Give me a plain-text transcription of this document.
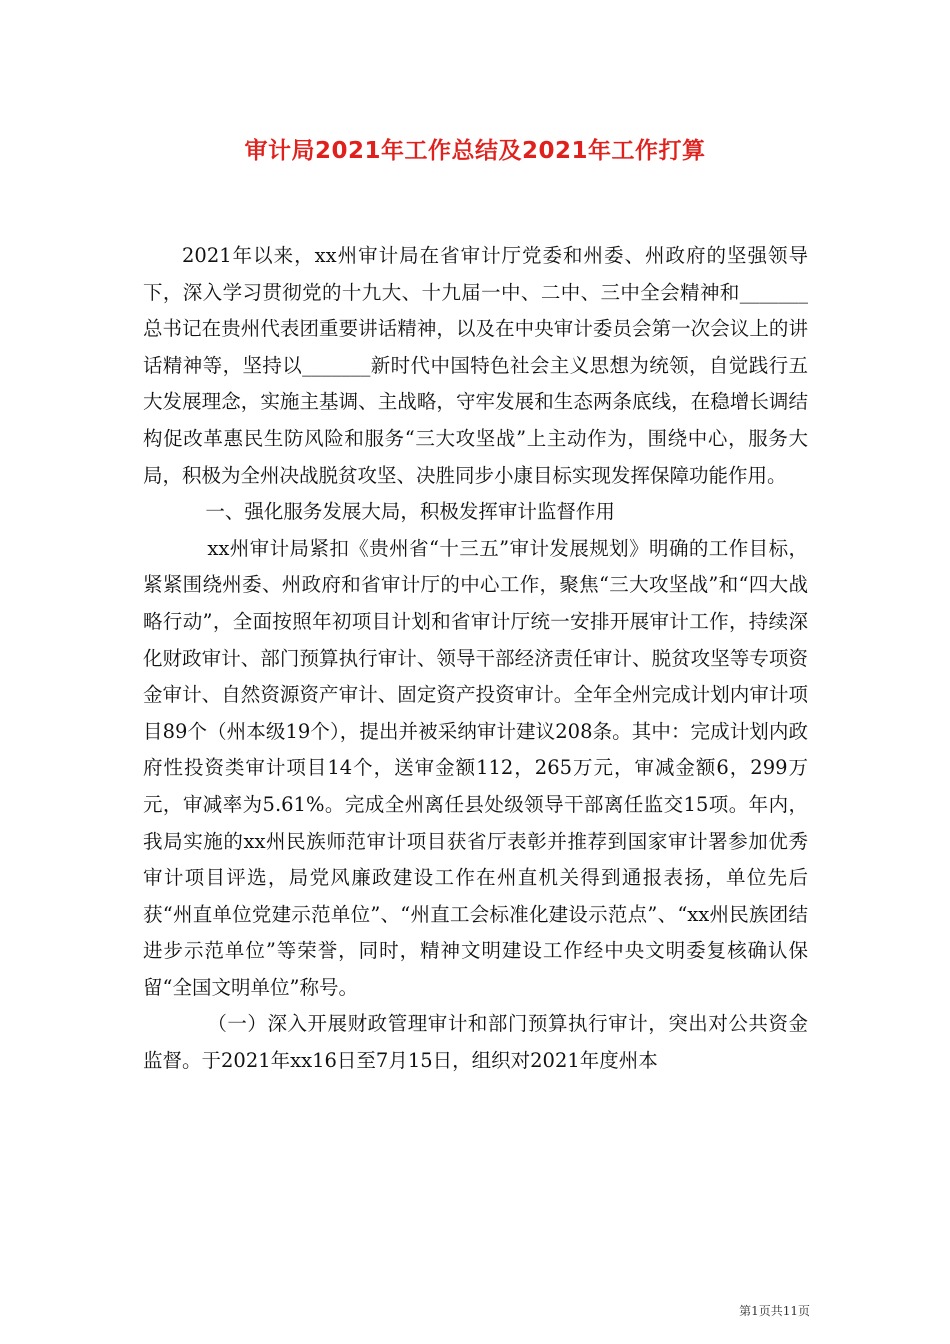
审计局2021年工作总结及2021年工作打算

2021年以来，xx州审计局在省审计厅党委和州委、州政府的坚强领导下，深入学习贯彻党的十九大、十九届一中、二中、三中全会精神和_______总书记在贵州代表团重要讲话精神，以及在中央审计委员会第一次会议上的讲话精神等，坚持以_______新时代中国特色社会主义思想为统领，自觉践行五大发展理念，实施主基调、主战略，守牢发展和生态两条底线，在稳增长调结构促改革惠民生防风险和服务“三大攻坚战”上主动作为，围绕中心，服务大局，积极为全州决战脱贫攻坚、决胜同步小康目标实现发挥保障功能作用。

一、强化服务发展大局，积极发挥审计监督作用

xx州审计局紧扣《贵州省“十三五”审计发展规划》明确的工作目标，紧紧围绕州委、州政府和省审计厅的中心工作，聚焦“三大攻坚战”和“四大战略行动”，全面按照年初项目计划和省审计厅统一安排开展审计工作，持续深化财政审计、部门预算执行审计、领导干部经济责任审计、脱贫攻坚等专项资金审计、自然资源资产审计、固定资产投资审计。全年全州完成计划内审计项目89个（州本级19个），提出并被采纳审计建议208条。其中：完成计划内政府性投资类审计项目14个，送审金额112，265万元，审减金额6，299万元，审减率为5.61%。完成全州离任县处级领导干部离任监交15项。年内，我局实施的xx州民族师范审计项目获省厅表彰并推荐到国家审计署参加优秀审计项目评选，局党风廉政建设工作在州直机关得到通报表扬，单位先后获“州直单位党建示范单位”、“州直工会标准化建设示范点”、“xx州民族团结进步示范单位”等荣誉，同时，精神文明建设工作经中央文明委复核确认保留“全国文明单位”称号。

（一）深入开展财政管理审计和部门预算执行审计，突出对公共资金监督。于2021年xx16日至7月15日，组织对2021年度州本

第1页共11页
